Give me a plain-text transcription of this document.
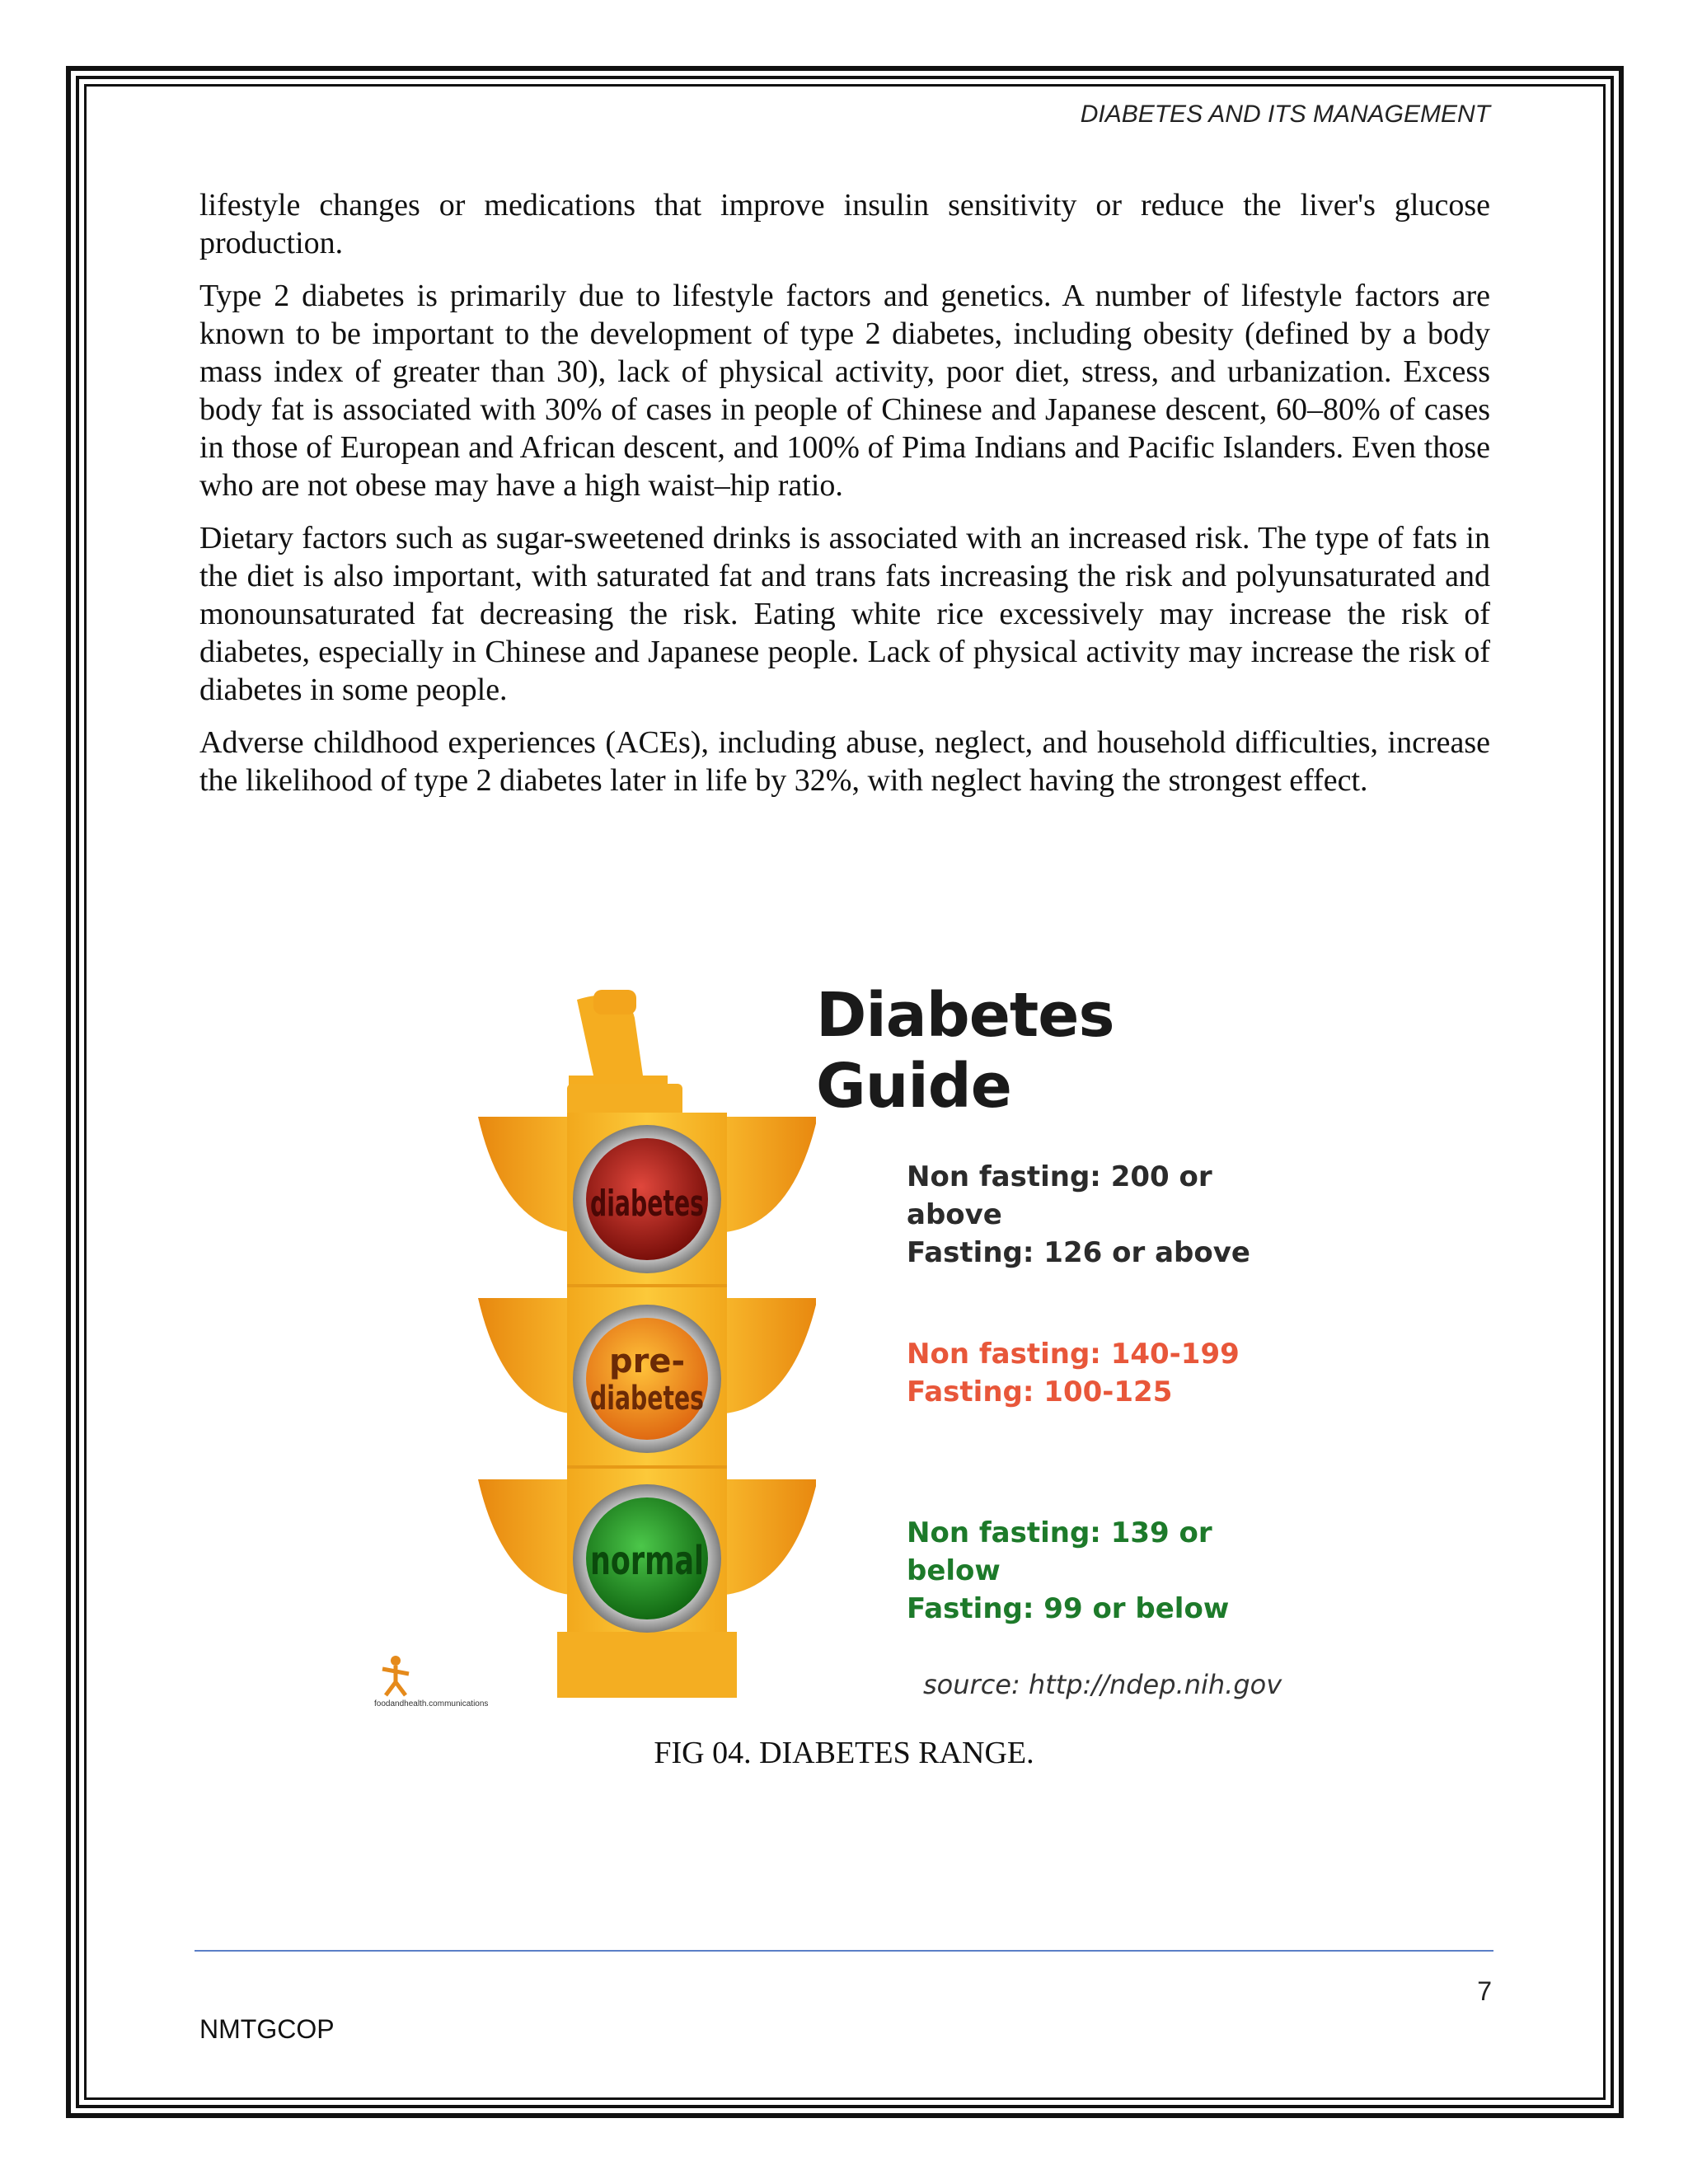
DIABETES AND ITS MANAGEMENT

lifestyle changes or medications that improve insulin sensitivity or reduce the liver's glucose production.

Type 2 diabetes is primarily due to lifestyle factors and genetics. A number of lifestyle factors are known to be important to the development of type 2 diabetes, including obesity (defined by a body mass index of greater than 30), lack of physical activity, poor diet, stress, and urbanization. Excess body fat is associated with 30% of cases in people of Chinese and Japanese descent, 60–80% of cases in those of European and African descent, and 100% of Pima Indians and Pacific Islanders. Even those who are not obese may have a high waist–hip ratio.

Dietary factors such as sugar-sweetened drinks is associated with an increased risk. The type of fats in the diet is also important, with saturated fat and trans fats increasing the risk and polyunsaturated and monounsaturated fat decreasing the risk. Eating white rice excessively may increase the risk of diabetes, especially in Chinese and Japanese people. Lack of physical activity may increase the risk of diabetes in some people.

Adverse childhood experiences (ACEs), including abuse, neglect, and household difficulties, increase the likelihood of type 2 diabetes later in life by 32%, with neglect having the strongest effect.

diabetes
pre-
diabetes
normal
Diabetes Guide
Non fasting: 200 or above
Fasting: 126 or above
Non fasting: 140-199
Fasting: 100-125
Non fasting: 139 or below
Fasting: 99 or below
source: http://ndep.nih.gov
foodandhealth.communications
FIG 04. DIABETES RANGE.
7
NMTGCOP
